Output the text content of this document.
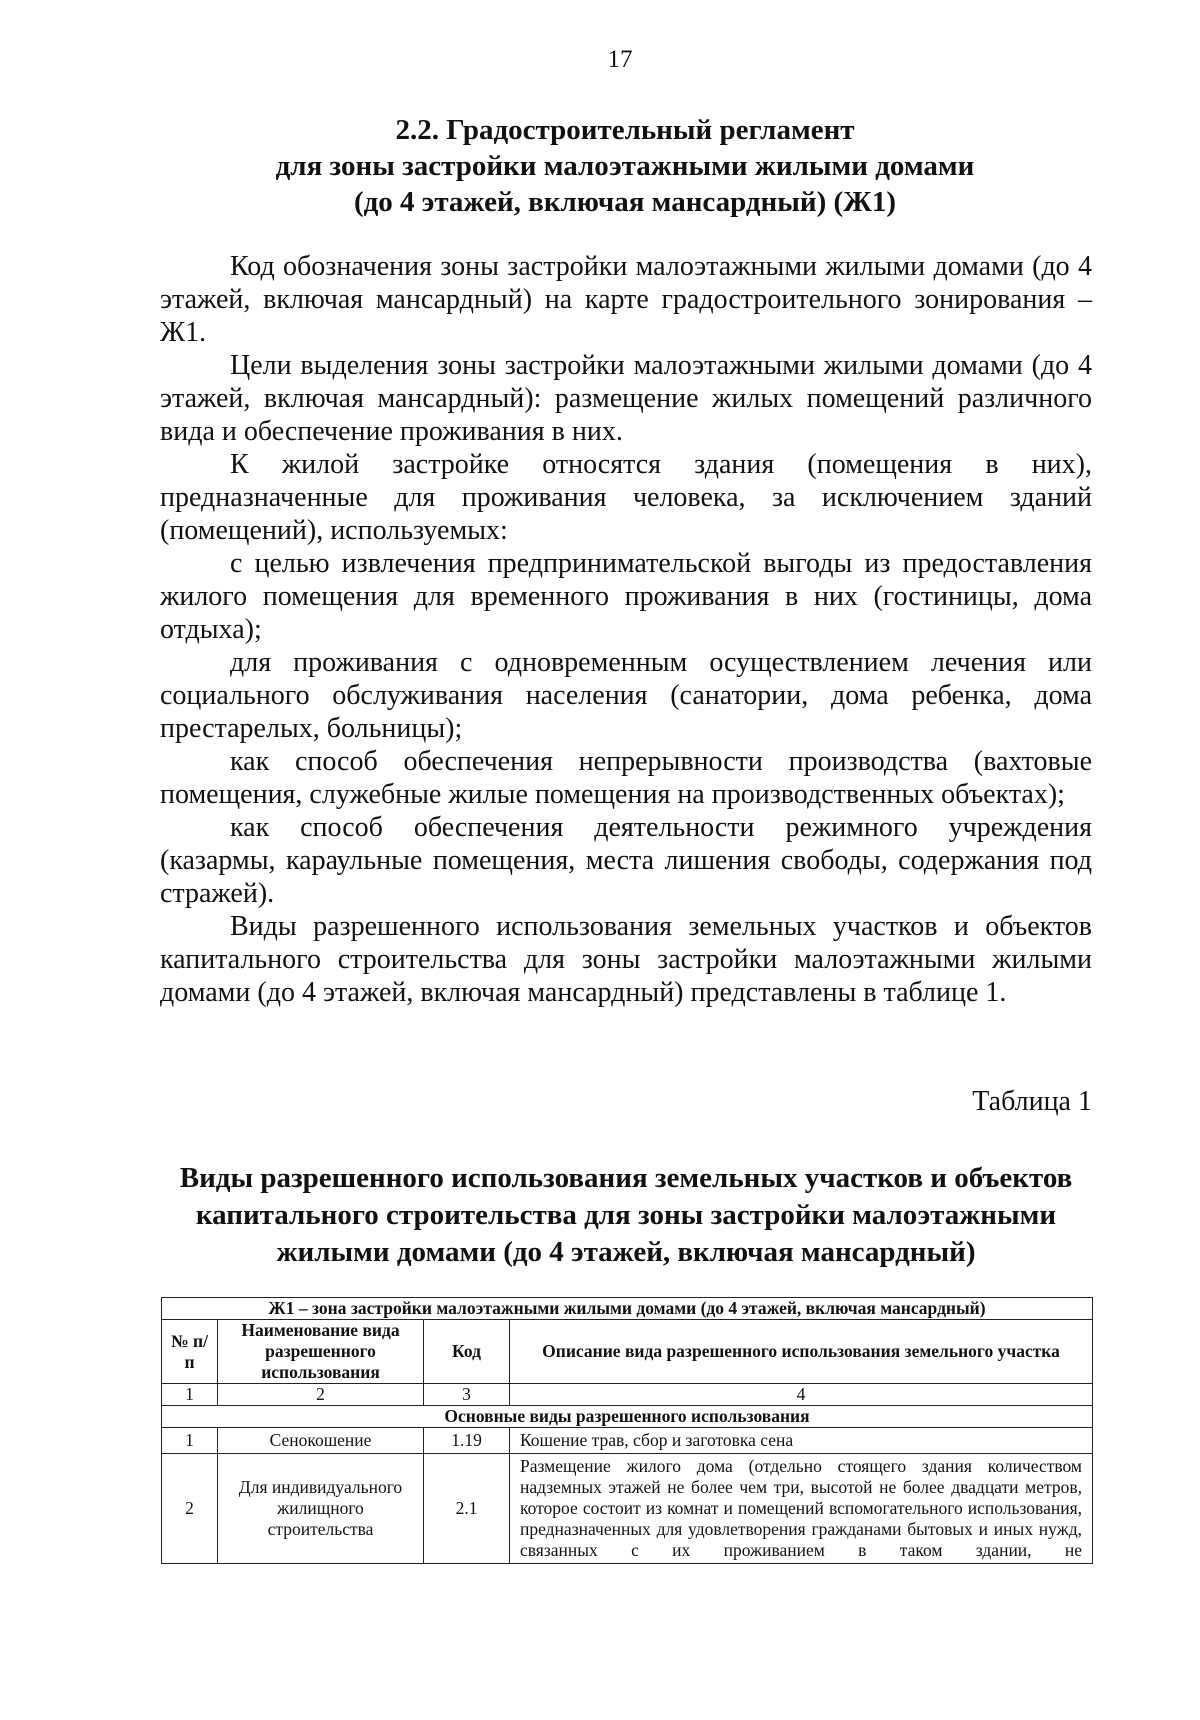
17
2.2. Градостроительный регламент
для зоны застройки малоэтажными жилыми домами
(до 4 этажей, включая мансардный) (Ж1)

Код обозначения зоны застройки малоэтажными жилыми домами (до 4 этажей, включая мансардный) на карте градостроительного зонирования – Ж1.

Цели выделения зоны застройки малоэтажными жилыми домами (до 4 этажей, включая мансардный): размещение жилых помещений различного вида и обеспечение проживания в них.

К жилой застройке относятся здания (помещения в них), предназначенные для проживания человека, за исключением зданий (помещений), используемых:

с целью извлечения предпринимательской выгоды из предоставления жилого помещения для временного проживания в них (гостиницы, дома отдыха);

для проживания с одновременным осуществлением лечения или социального обслуживания населения (санатории, дома ребенка, дома престарелых, больницы);

как способ обеспечения непрерывности производства (вахтовые помещения, служебные жилые помещения на производственных объектах);

как способ обеспечения деятельности режимного учреждения (казармы, караульные помещения, места лишения свободы, содержания под стражей).

Виды разрешенного использования земельных участков и объектов капитального строительства для зоны застройки малоэтажными жилыми домами (до 4 этажей, включая мансардный) представлены в таблице 1.

Таблица 1
Виды разрешенного использования земельных участков и объектов
капитального строительства для зоны застройки малоэтажными
жилыми домами (до 4 этажей, включая мансардный)
Ж1 – зона застройки малоэтажными жилыми домами (до 4 этажей, включая мансардный)			
№ п/п	Наименование вида разрешенного использования	Код	Описание вида разрешенного использования земельного участка
1	2	3	4
Основные виды разрешенного использования			
1	Сенокошение	1.19	Кошение трав, сбор и заготовка сена
2	Для индивидуального жилищного строительства	2.1	Размещение жилого дома (отдельно стоящего здания количеством надземных этажей не более чем три, высотой не более двадцати метров, которое состоит из комнат и помещений вспомогательного использования, предназначенных для удовлетворения гражданами бытовых и иных нужд, связанных с их проживанием в таком здании, не
